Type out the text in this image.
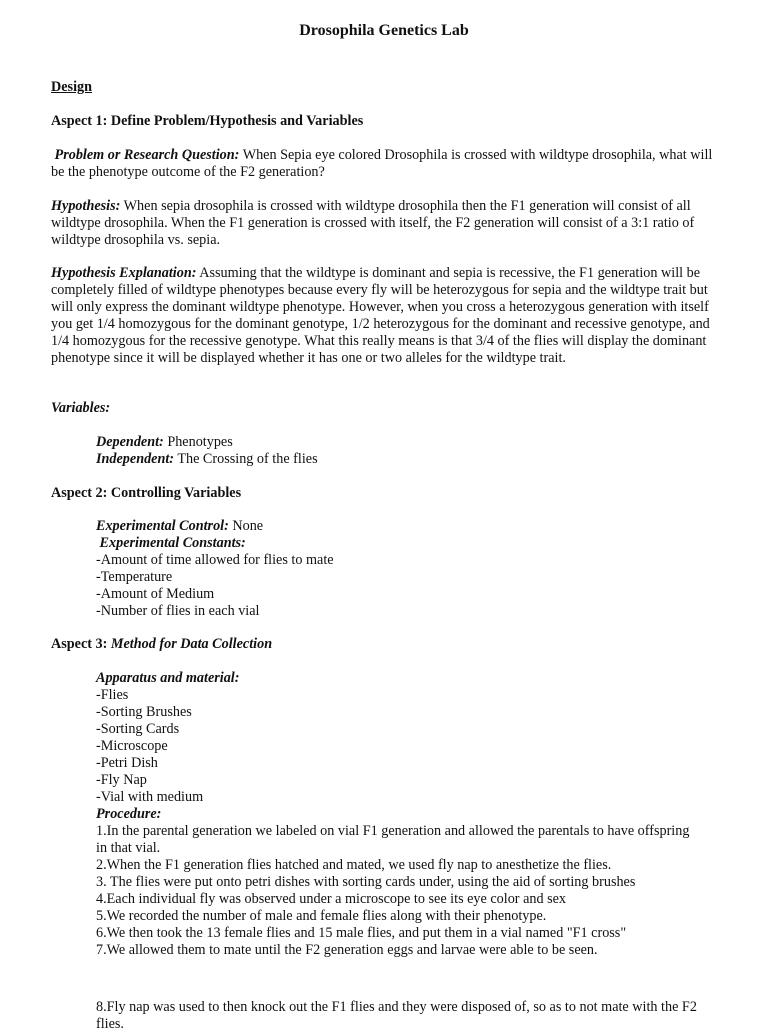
Drosophila Genetics Lab
Design
Aspect 1: Define Problem/Hypothesis and Variables

Problem or Research Question: When Sepia eye colored Drosophila is crossed with wildtype drosophila, what will be the phenotype outcome of the F2 generation?

Hypothesis: When sepia drosophila is crossed with wildtype drosophila then the F1 generation will consist of all wildtype drosophila. When the F1 generation is crossed with itself, the F2 generation will consist of a 3:1 ratio of wildtype drosophila vs. sepia.

Hypothesis Explanation: Assuming that the wildtype is dominant and sepia is recessive, the F1 generation will be completely filled of wildtype phenotypes because every fly will be heterozygous for sepia and the wildtype trait but will only express the dominant wildtype phenotype. However, when you cross a heterozygous generation with itself you get 1/4 homozygous for the dominant genotype, 1/2 heterozygous for the dominant and recessive genotype, and 1/4 homozygous for the recessive genotype. What this really means is that 3/4 of the flies will display the dominant phenotype since it will be displayed whether it has one or two alleles for the wildtype trait.

Variables:
Dependent: Phenotypes
Independent: The Crossing of the flies
Aspect 2: Controlling Variables
Experimental Control: None
Experimental Constants:
-Amount of time allowed for flies to mate
-Temperature
-Amount of Medium
-Number of flies in each vial
Aspect 3: Method for Data Collection
Apparatus and material:
-Flies
-Sorting Brushes
-Sorting Cards
-Microscope
-Petri Dish
-Fly Nap
-Vial with medium
Procedure:
1.In the parental generation we labeled on vial F1 generation and allowed the parentals to have offspring in that vial.
2.When the F1 generation flies hatched and mated, we used fly nap to anesthetize the flies.
3. The flies were put onto petri dishes with sorting cards under, using the aid of sorting brushes
4.Each individual fly was observed under a microscope to see its eye color and sex
5.We recorded the number of male and female flies along with their phenotype.
6.We then took the 13 female flies and 15 male flies, and put them in a vial named "F1 cross"
7.We allowed them to mate until the F2 generation eggs and larvae were able to be seen.
8.Fly nap was used to then knock out the F1 flies and they were disposed of, so as to not mate with the F2 flies.
